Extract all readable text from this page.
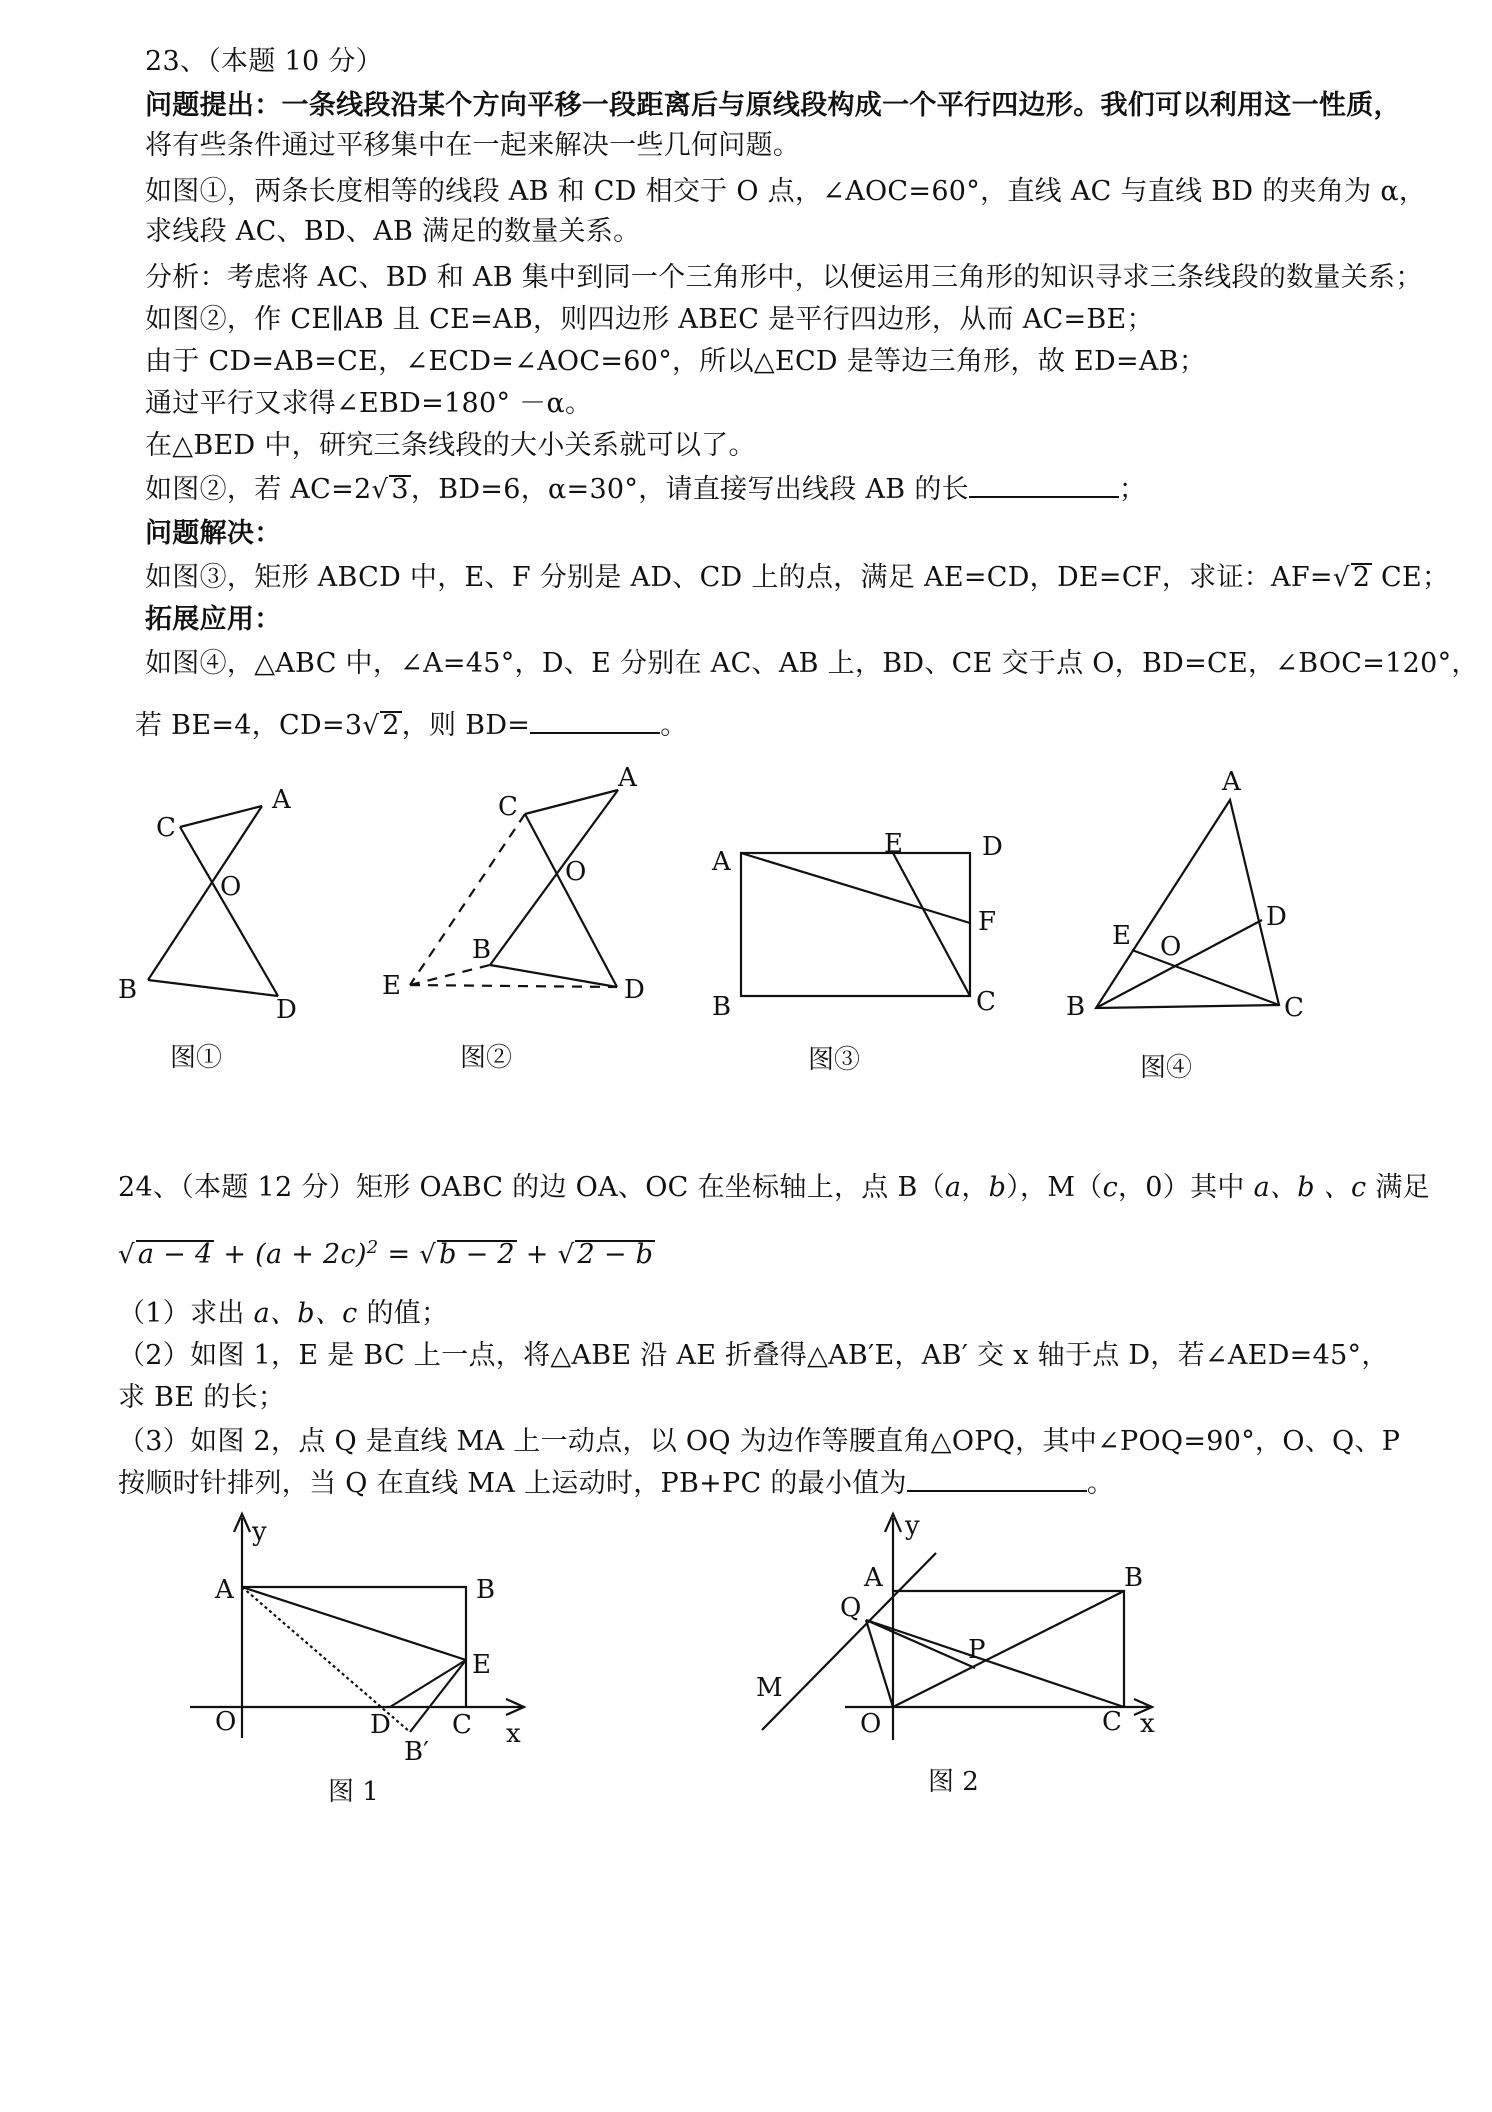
23、（本题 10 分）
问题提出：一条线段沿某个方向平移一段距离后与原线段构成一个平行四边形。我们可以利用这一性质，
将有些条件通过平移集中在一起来解决一些几何问题。
如图①，两条长度相等的线段 AB 和 CD 相交于 O 点，∠AOC=60°，直线 AC 与直线 BD 的夹角为 α，
求线段 AC、BD、AB 满足的数量关系。
分析：考虑将 AC、BD 和 AB 集中到同一个三角形中，以便运用三角形的知识寻求三条线段的数量关系；
如图②，作 CE∥AB 且 CE=AB，则四边形 ABEC 是平行四边形，从而 AC=BE；
由于 CD=AB=CE，∠ECD=∠AOC=60°，所以△ECD 是等边三角形，故 ED=AB；
通过平行又求得∠EBD=180° －α。
在△BED 中，研究三条线段的大小关系就可以了。
如图②，若 AC=2√ 3，BD=6，α=30°，请直接写出线段 AB 的长	；
问题解决：
如图③，矩形 ABCD 中，E、F 分别是 AD、CD 上的点，满足 AE=CD，DE=CF，求证：AF=√ 2 CE；
拓展应用：
如图④，△ABC 中，∠A=45°，D、E 分别在 AC、AB 上，BD、CE 交于点 O，BD=CE，∠BOC=120°，
若 BE=4，CD=3√ 2，则 BD=	。
C
A
O
B
D
C
A
O
B
E	D
A
E	D
F
B	C
A
D
E O
B	C
图①	图②	图③	图④
y
A	B
E
O	D C x
B′
y
A	B
Q
P
M
O	C x
图 1	图 2
24、（本题 12 分）矩形 OABC 的边 OA、OC 在坐标轴上，点 B（a，b），M（c，0）其中 a、b 、c 满足
√ $a - 4 + (a + 2c)^2$ = √ b − 2 + √ 2 − b
（1）求出 a、b、c 的值；
（2）如图 1，E 是 BC 上一点，将△ABE 沿 AE 折叠得△AB′E，AB′ 交 x 轴于点 D，若∠AED=45°，
求 BE 的长；
（3）如图 2，点 Q 是直线 MA 上一动点，以 OQ 为边作等腰直角△OPQ，其中∠POQ=90°，O、Q、P
按顺时针排列，当 Q 在直线 MA 上运动时，PB+PC 的最小值为	。
